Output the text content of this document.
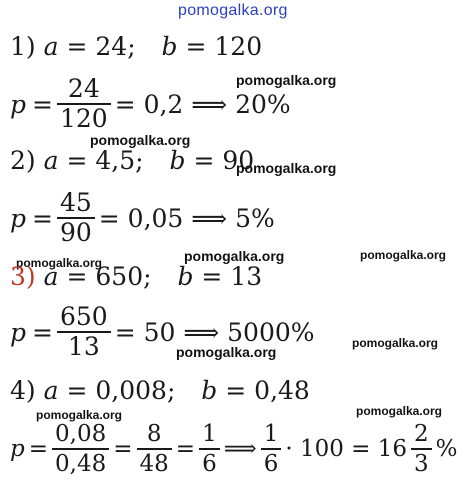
pomogalka.org
1) a = 24; b = 120
$p = \frac{24}{120} = 0,2$ ⟹ 20%
pomogalka.org
pomogalka.org
2) a = 4,5; b = 90
pomogalka.org
$p = \frac{45}{90} = 0,05$ ⟹ 5%
pomogalka.org	pomogalka.org	pomogalka.org
3) a = 650; b = 13
$p = \frac{650}{13} = 50$ ⟹ 5000%
pomogalka.org
pomogalka.org
4) a = 0,008; b = 0,48
pomogalka.org	pomogalka.org
$p = \frac{0,08}{0,48} = \frac{8}{48} = \frac{1}{6}$ ⟹ $\frac{1}{6} \cdot 100 = 16 \frac{2}{3}$ %
